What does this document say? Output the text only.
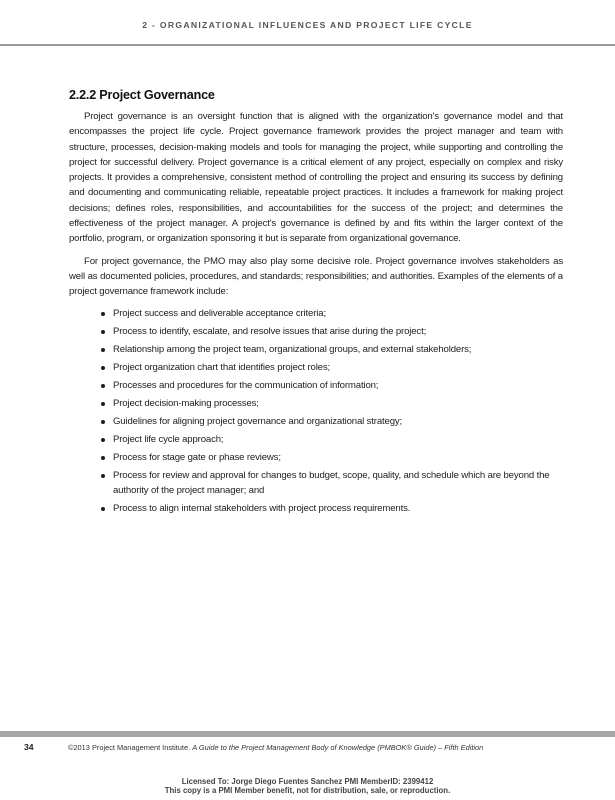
2 - ORGANIZATIONAL INFLUENCES AND PROJECT LIFE CYCLE
2.2.2 Project Governance

Project governance is an oversight function that is aligned with the organization's governance model and that encompasses the project life cycle. Project governance framework provides the project manager and team with structure, processes, decision-making models and tools for managing the project, while supporting and controlling the project for successful delivery. Project governance is a critical element of any project, especially on complex and risky projects. It provides a comprehensive, consistent method of controlling the project and ensuring its success by defining and documenting and communicating reliable, repeatable project practices. It includes a framework for making project decisions; defines roles, responsibilities, and accountabilities for the success of the project; and determines the effectiveness of the project manager. A project's governance is defined by and fits within the larger context of the portfolio, program, or organization sponsoring it but is separate from organizational governance.

For project governance, the PMO may also play some decisive role. Project governance involves stakeholders as well as documented policies, procedures, and standards; responsibilities; and authorities. Examples of the elements of a project governance framework include:

Project success and deliverable acceptance criteria;
Process to identify, escalate, and resolve issues that arise during the project;
Relationship among the project team, organizational groups, and external stakeholders;
Project organization chart that identifies project roles;
Processes and procedures for the communication of information;
Project decision-making processes;
Guidelines for aligning project governance and organizational strategy;
Project life cycle approach;
Process for stage gate or phase reviews;
Process for review and approval for changes to budget, scope, quality, and schedule which are beyond the authority of the project manager; and
Process to align internal stakeholders with project process requirements.
34	©2013 Project Management Institute. A Guide to the Project Management Body of Knowledge (PMBOK® Guide) – Fifth Edition
Licensed To: Jorge Diego Fuentes Sanchez PMI MemberID: 2399412
This copy is a PMI Member benefit, not for distribution, sale, or reproduction.
